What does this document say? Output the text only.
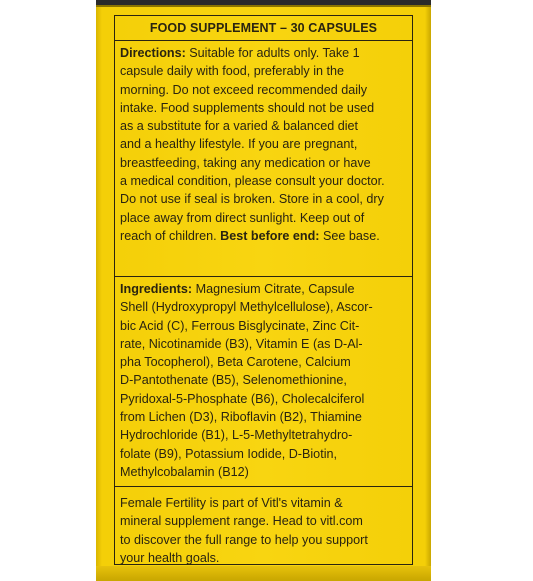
FOOD SUPPLEMENT – 30 CAPSULES
Directions: Suitable for adults only. Take 1
capsule daily with food, preferably in the
morning. Do not exceed recommended daily
intake. Food supplements should not be used
as a substitute for a varied & balanced diet
and a healthy lifestyle. If you are pregnant,
breastfeeding, taking any medication or have
a medical condition, please consult your doctor.
Do not use if seal is broken. Store in a cool, dry
place away from direct sunlight. Keep out of
reach of children. Best before end: See base.
Ingredients: Magnesium Citrate, Capsule
Shell (Hydroxypropyl Methylcellulose), Ascor-
bic Acid (C), Ferrous Bisglycinate, Zinc Cit-
rate, Nicotinamide (B3), Vitamin E (as D-Al-
pha Tocopherol), Beta Carotene, Calcium
D-Pantothenate (B5), Selenomethionine,
Pyridoxal-5-Phosphate (B6), Cholecalciferol
from Lichen (D3), Riboflavin (B2), Thiamine
Hydrochloride (B1), L-5-Methyltetrahydro-
folate (B9), Potassium Iodide, D-Biotin,
Methylcobalamin (B12)
Female Fertility is part of Vitl's vitamin &
mineral supplement range. Head to vitl.com
to discover the full range to help you support
your health goals.
